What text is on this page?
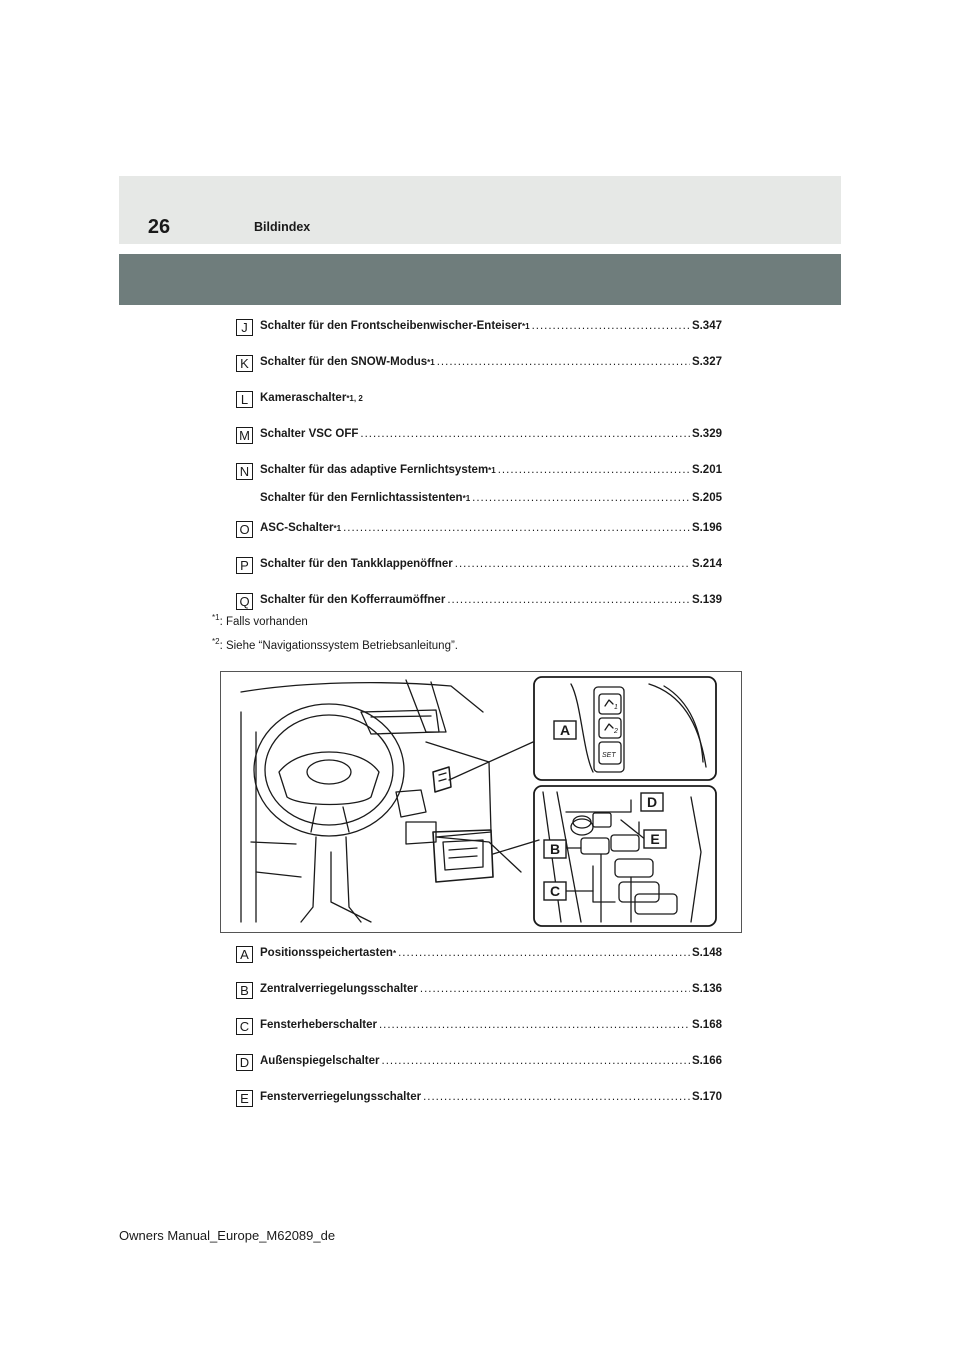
26	Bildindex
J	Schalter für den Frontscheibenwischer-Enteiser *1 .....	S.347
K Schalter für den SNOW-Modus *1 .....	S.327
L	Kameraschalter *1, 2
M Schalter VSC OFF .....	S.329
N Schalter für das adaptive Fernlichtsystem *1 .....	S.201
Schalter für den Fernlichtassistenten *1 .....	S.205
O ASC-Schalter *1 .....	S.196
P Schalter für den Tankklappenöffner .....	S.214
Q Schalter für den Kofferraumöffner .....	S.139
$^{*1}$: Falls vorhanden
$^{*2}$: Siehe “Navigationssystem Betriebsanleitung”.
A
B
C
D
E
1
2
SET
A Positionsspeichertasten * .....	S.148
B Zentralverriegelungsschalter .....	S.136
C Fensterheberschalter .....	S.168
D Außenspiegelschalter .....	S.166
E Fensterverriegelungsschalter .....	S.170
Owners Manual_Europe_M62089_de
